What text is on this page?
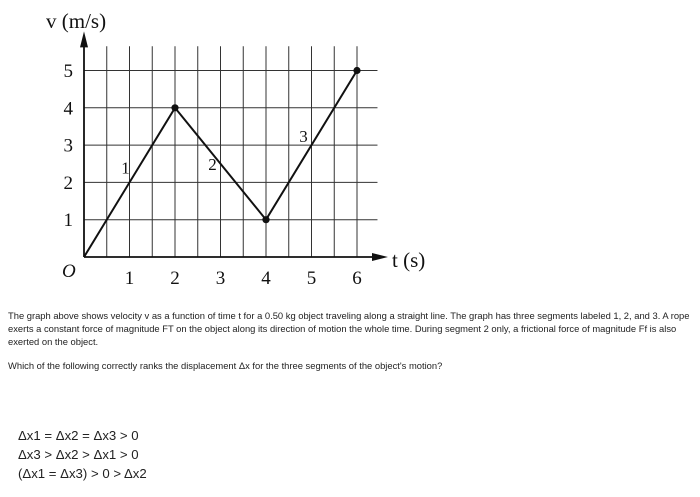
1 2 3 4 5 6
1
2
3
4
5
1	2
3
v (m/s)
t (s)
O

The graph above shows velocity v as a function of time t for a 0.50 kg object traveling along a straight line. The graph has three segments labeled 1, 2, and 3. A rope exerts a constant force of magnitude FT on the object along its direction of motion the whole time. During segment 2 only, a frictional force of magnitude Ff is also exerted on the object.

Which of the following correctly ranks the displacement Δx for the three segments of the object's motion?

Δx1 = Δx2 = Δx3 > 0
Δx3 > Δx2 > Δx1 > 0
(Δx1 = Δx3) > 0 > Δx2
